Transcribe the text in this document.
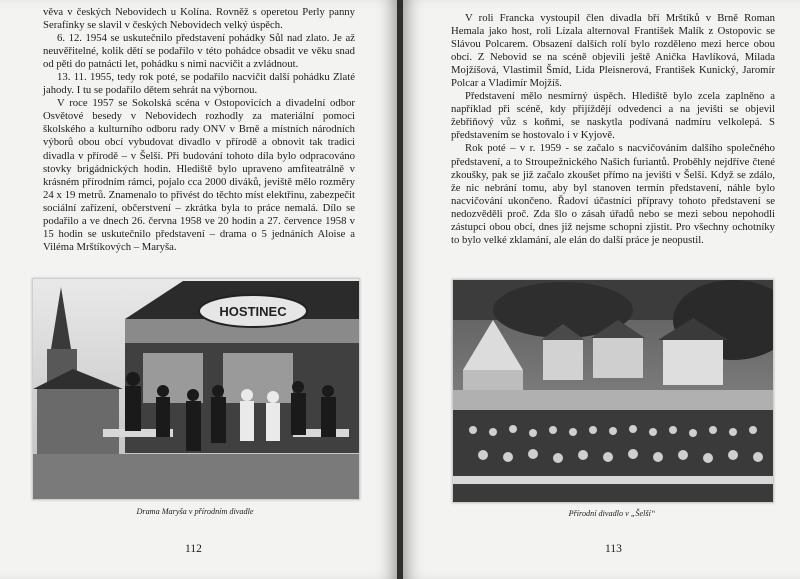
věva v českých Nebovidech u Kolína. Rovněž s operetou Perly panny Serafínky se slavil v českých Nebovidech velký úspěch.

6. 12. 1954 se uskutečnilo představení pohádky Sůl nad zlato. Je až neuvěřitelné, kolik dětí se podařilo v této pohádce obsadit ve věku snad od pěti do patnácti let, pohádku s nimi nacvičit a zvládnout.

13. 11. 1955, tedy rok poté, se podařilo nacvičit další pohádku Zlaté jahody. I tu se podařilo dětem sehrát na výbornou.

V roce 1957 se Sokolská scéna v Ostopovicích a divadelní odbor Osvětové besedy v Nebovidech rozhodly za materiální pomoci školského a kulturního odboru rady ONV v Brně a místních národních výborů obou obcí vybudovat divadlo v přírodě a obnovit tak tradici divadla v přírodě – v Šelší. Při budování tohoto díla bylo odpracováno stovky brigádnických hodin. Hlediště bylo upraveno amfiteatrálně v krásném přírodním rámci, pojalo cca 2000 diváků, jeviště mělo rozměry 24 x 19 metrů. Znamenalo to přivést do těchto míst elektřinu, zabezpečit sociální zařízení, občerstvení – zkrátka byla to práce nemalá. Dílo se podařilo a ve dnech 26. června 1958 ve 20 hodin a 27. července 1958 v 15 hodin se uskutečnilo představení – drama o 5 jednáních Aloise a Viléma Mrštíkových – Maryša.

HOSTINEC
Drama Maryša v přírodním divadle
112

V roli Francka vystoupil člen divadla bří Mrštíků v Brně Roman Hemala jako host, roli Lízala alternoval František Malík z Ostopovic se Slávou Polcarem. Obsazení dalších rolí bylo rozděleno mezi herce obou obcí. Z Nebovid se na scéně objevili ještě Anička Havlíková, Milada Mojžíšová, Vlastimil Šmíd, Lída Pleisnerová, František Kunický, Jaromír Polcar a Vladimír Mojžíš.

Představení mělo nesmírný úspěch. Hlediště bylo zcela zaplněno a například při scéně, kdy přijíždějí odvedenci a na jevišti se objevil žebřiňový vůz s koňmi, se naskytla podívaná nadmíru velkolepá. S představením se hostovalo i v Kyjově.

Rok poté – v r. 1959 - se začalo s nacvičováním dalšího společného představení, a to Stroupežnického Našich furiantů. Proběhly nejdříve čtené zkoušky, pak se již začalo zkoušet přímo na jevišti v Šelší. Když se zdálo, že nic nebrání tomu, aby byl stanoven termín představení, náhle bylo nacvičování ukončeno. Řadoví účastníci přípravy tohoto představení se nedozvěděli proč. Zda šlo o zásah úřadů nebo se mezi sebou nepohodli zástupci obou obcí, dnes již nejsme schopni zjistit. Pro všechny ochotníky to bylo velké zklamání, ale elán do další práce je neopustil.

Přírodní divadlo v „Šelší“
113
